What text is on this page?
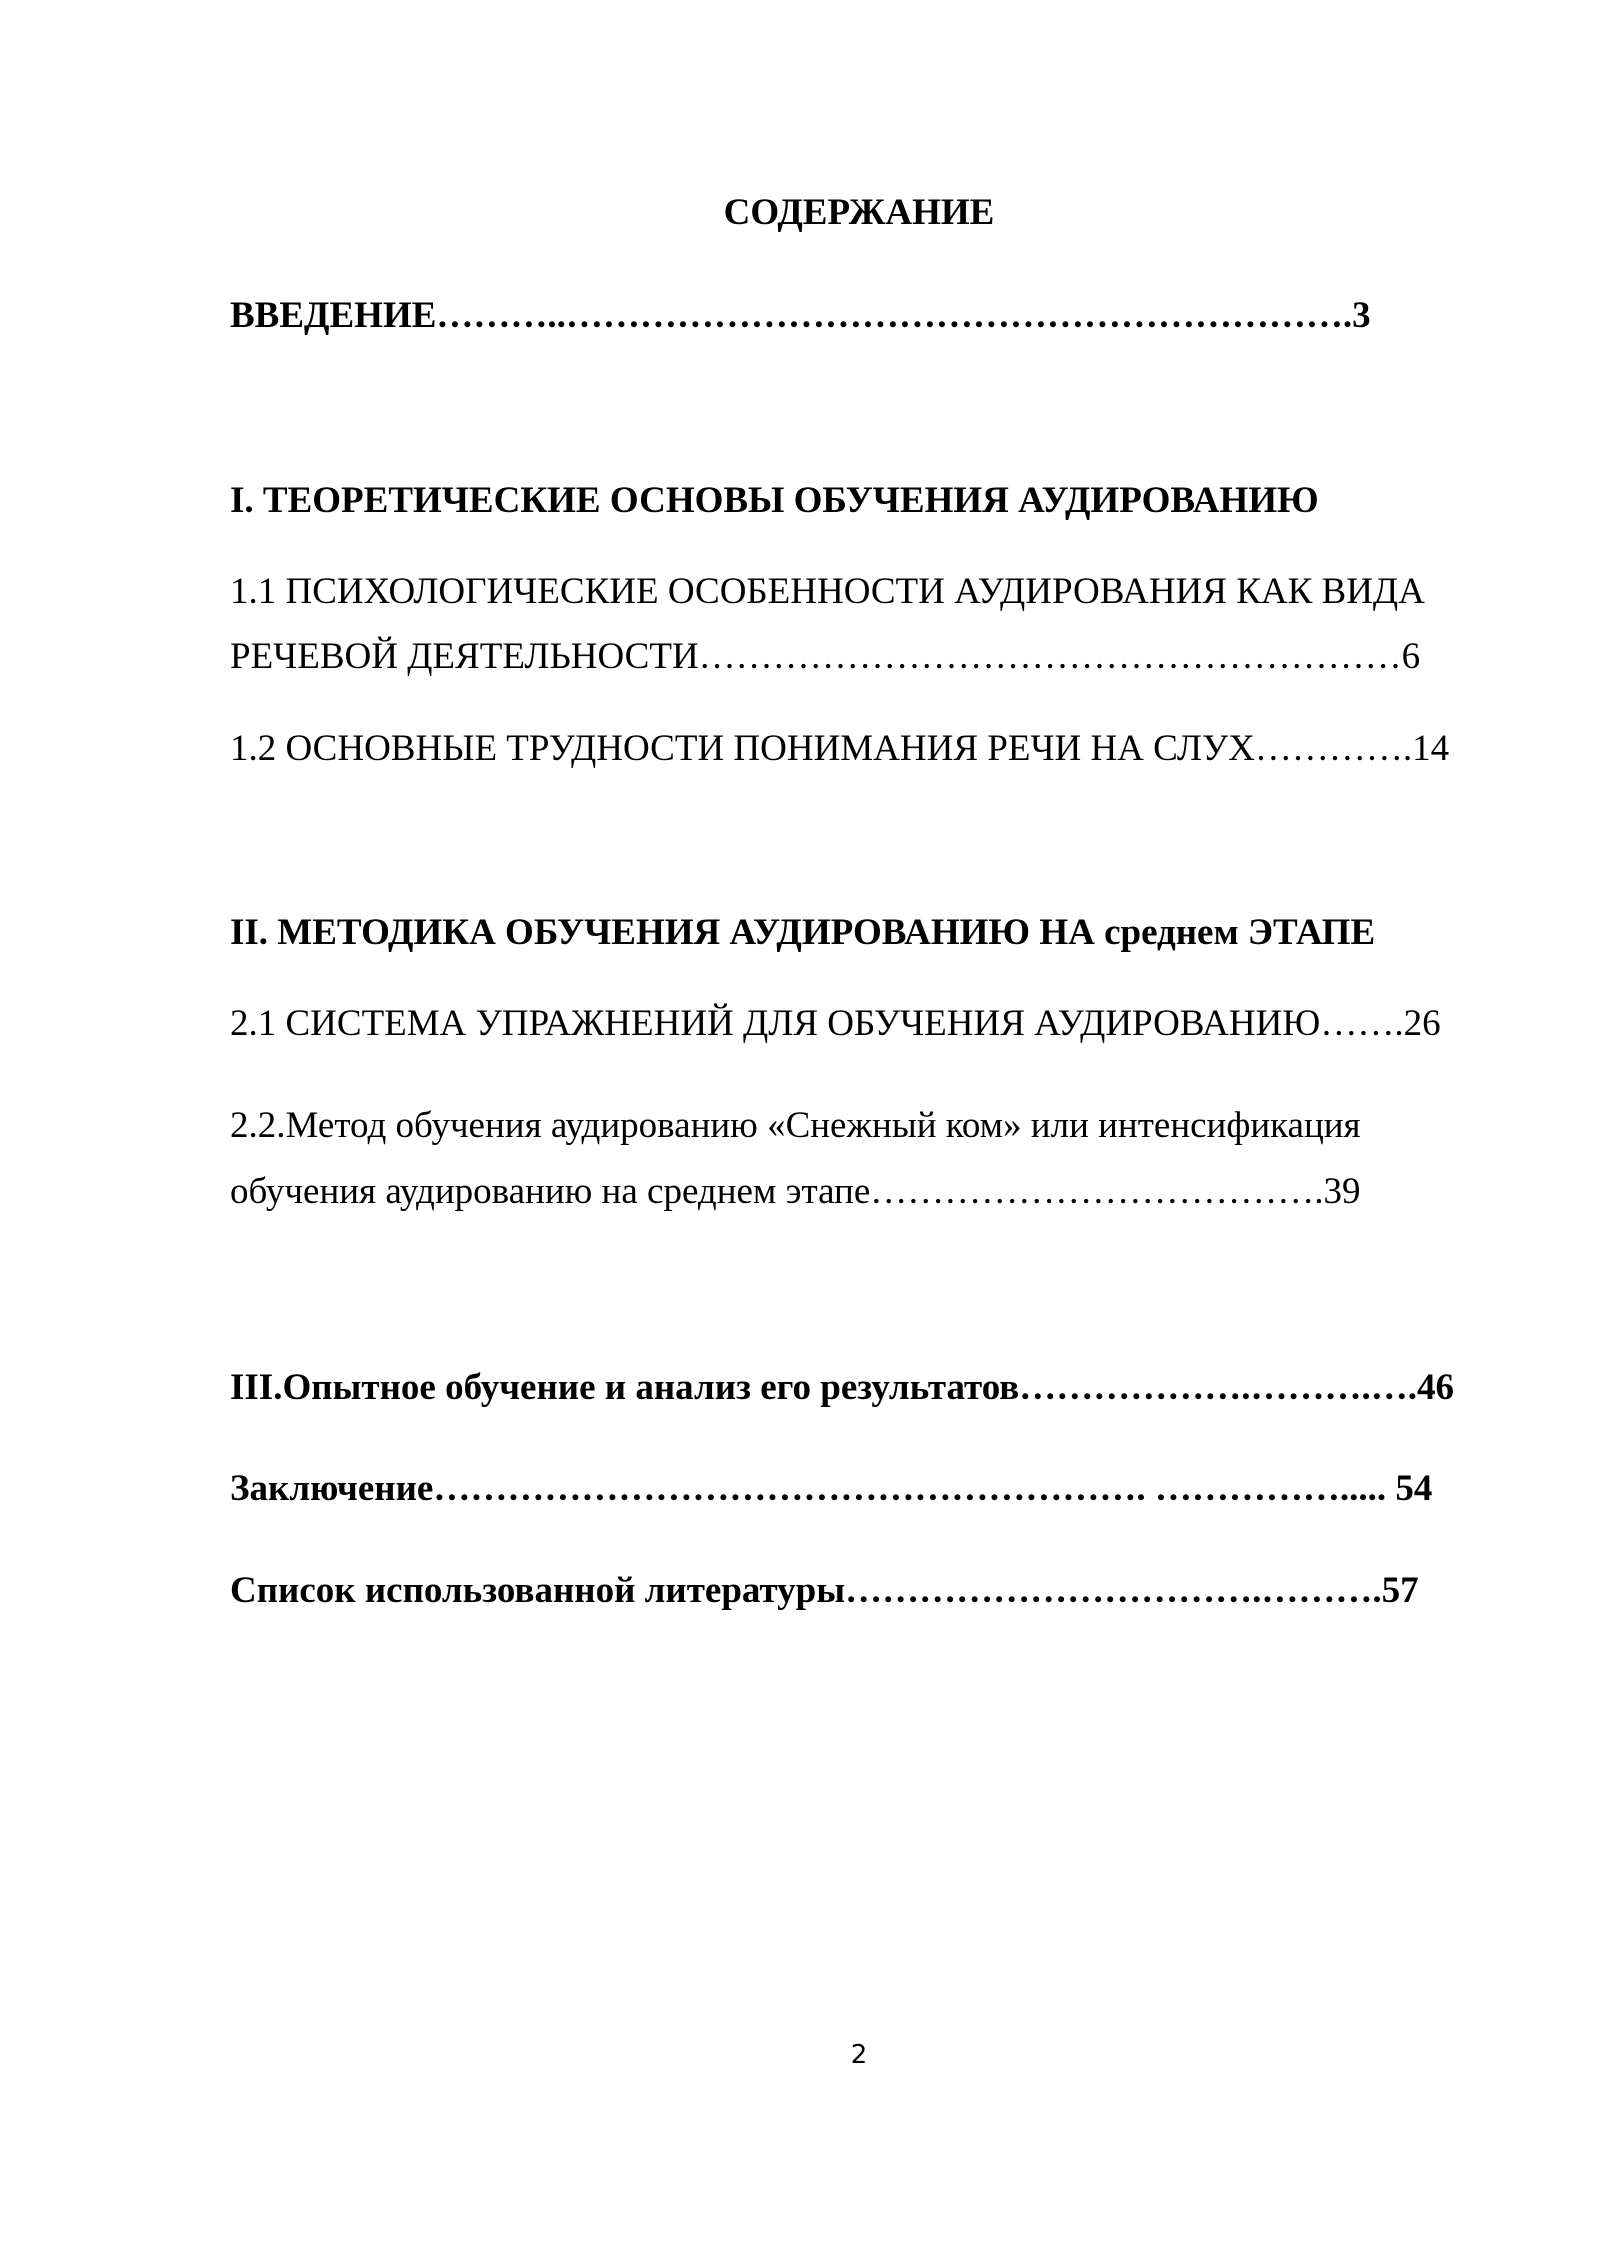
СОДЕРЖАНИЕ
ВВЕДЕНИЕ………..……………………………………………………….3
I. ТЕОРЕТИЧЕСКИЕ ОСНОВЫ ОБУЧЕНИЯ АУДИРОВАНИЮ
1.1 ПСИХОЛОГИЧЕСКИЕ ОСОБЕННОСТИ АУДИРОВАНИЯ КАК ВИДА
РЕЧЕВОЙ ДЕЯТЕЛЬНОСТИ…………………………………………………6
1.2 ОСНОВНЫЕ ТРУДНОСТИ ПОНИМАНИЯ РЕЧИ НА СЛУХ………….14
II. МЕТОДИКА ОБУЧЕНИЯ АУДИРОВАНИЮ НА среднем ЭТАПЕ
2.1 СИСТЕМА УПРАЖНЕНИЙ ДЛЯ ОБУЧЕНИЯ АУДИРОВАНИЮ…….26
2.2.Метод обучения аудированию «Снежный ком» или интенсификация
обучения аудированию на среднем этапе……………………………….39
III.Опытное обучение и анализ его результатов……………….……….….46
Заключение…………………………………………………. ……………..... 54
Список использованной литературы…………………………….……….57
2
